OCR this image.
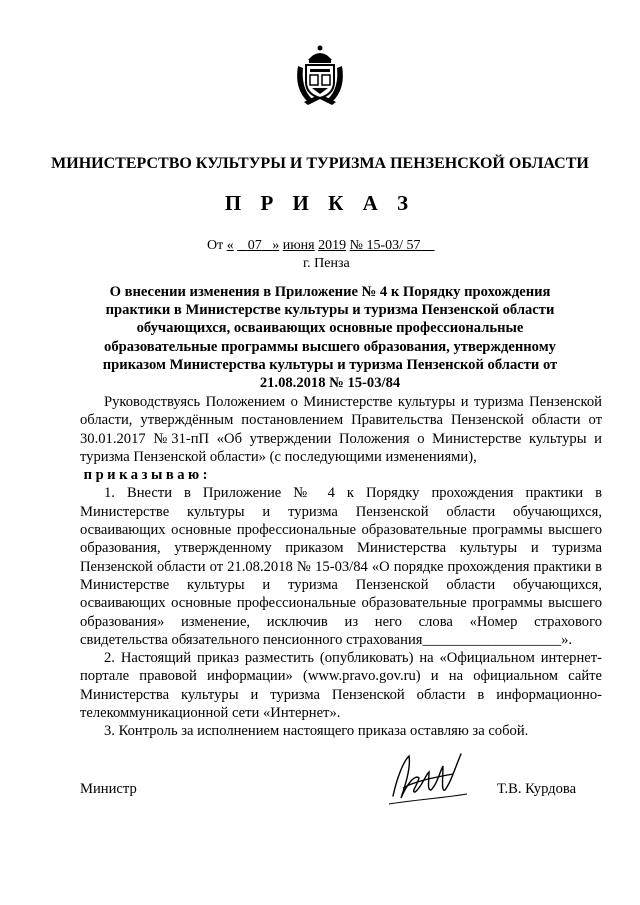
МИНИСТЕРСТВО КУЛЬТУРЫ И ТУРИЗМА ПЕНЗЕНСКОЙ ОБЛАСТИ
П Р И К А З
От « 07 » июня 2019 № 15-03/ 57
г. Пенза
О внесении изменения в Приложение № 4 к Порядку прохождения практики в Министерстве культуры и туризма Пензенской области обучающихся, осваивающих основные профессиональные образовательные программы высшего образования, утвержденному приказом Министерства культуры и туризма Пензенской области от 21.08.2018 № 15-03/84

Руководствуясь Положением о Министерстве культуры и туризма Пензенской области, утверждённым постановлением Правительства Пензенской области от 30.01.2017 №31-пП «Об утверждении Положения о Министерстве культуры и туризма Пензенской области» (с последующими изменениями),

приказываю:

1. Внести в Приложение № 4 к Порядку прохождения практики в Министерстве культуры и туризма Пензенской области обучающихся, осваивающих основные профессиональные образовательные программы высшего образования, утвержденному приказом Министерства культуры и туризма Пензенской области от 21.08.2018 № 15-03/84 «О порядке прохождения практики в Министерстве культуры и туризма Пензенской области обучающихся, осваивающих основные профессиональные образовательные программы высшего образования» изменение, исключив из него слова «Номер страхового свидетельства обязательного пенсионного страхования___________________».

2. Настоящий приказ разместить (опубликовать) на «Официальном интернет-портале правовой информации» (www.pravo.gov.ru) и на официальном сайте Министерства культуры и туризма Пензенской области в информационно-телекоммуникационной сети «Интернет».

3. Контроль за исполнением настоящего приказа оставляю за собой.

Министр	Т.В. Курдова
